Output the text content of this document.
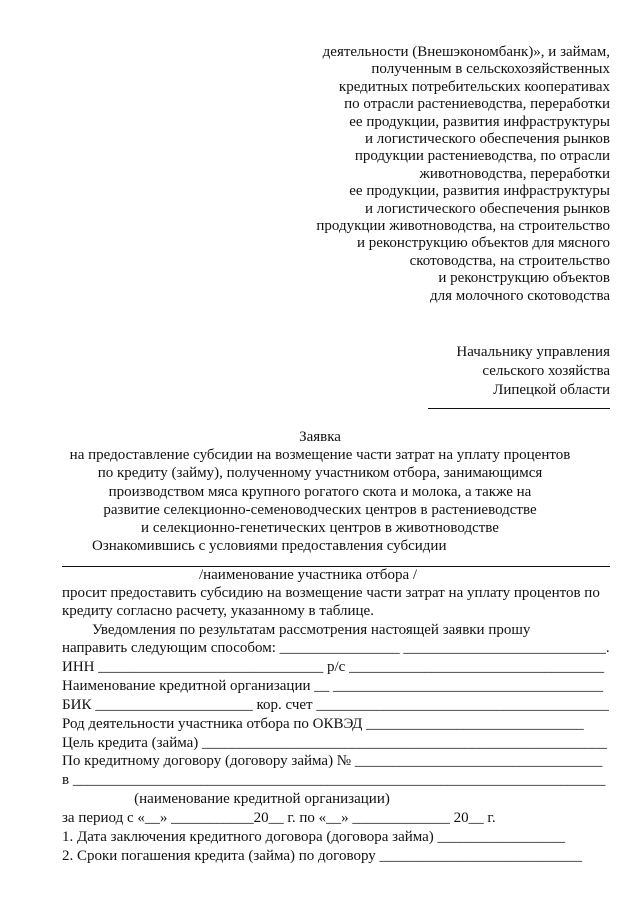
деятельности (Внешэкономбанк)», и займам,
полученным в сельскохозяйственных
кредитных потребительских кооперативах
по отрасли растениеводства, переработки
ее продукции, развития инфраструктуры
и логистического обеспечения рынков
продукции растениеводства, по отрасли
животноводства, переработки
ее продукции, развития инфраструктуры
и логистического обеспечения рынков
продукции животноводства, на строительство
и реконструкцию объектов для мясного
скотоводства, на строительство
и реконструкцию объектов
для молочного скотоводства
Начальнику управления
сельского хозяйства
Липецкой области
Заявка
на предоставление субсидии на возмещение части затрат на уплату процентов
по кредиту (займу), полученному участником отбора, занимающимся
производством мяса крупного рогатого скота и молока, а также на
развитие селекционно-семеноводческих центров в растениеводстве
и селекционно-генетических центров в животноводстве
Ознакомившись с условиями предоставления субсидии
/наименование участника отбора /
просит предоставить субсидию на возмещение части затрат на уплату процентов по
кредиту согласно расчету, указанному в таблице.
Уведомления по результатам рассмотрения настоящей заявки прошу
направить следующим способом: ________________ ___________________________.
ИНН ______________________________ р/с __________________________________
Наименование кредитной организации __ ____________________________________
БИК _____________________ кор. счет _______________________________________
Род деятельности участника отбора по ОКВЭД _____________________________
Цель кредита (займа) ______________________________________________________
По кредитному договору (договору займа) № _________________________________
в _______________________________________________________________________
(наименование кредитной организации)
за период с «__» ___________20__ г. по «__» _____________ 20__ г.
1. Дата заключения кредитного договора (договора займа) _________________
2. Сроки погашения кредита (займа) по договору ___________________________
